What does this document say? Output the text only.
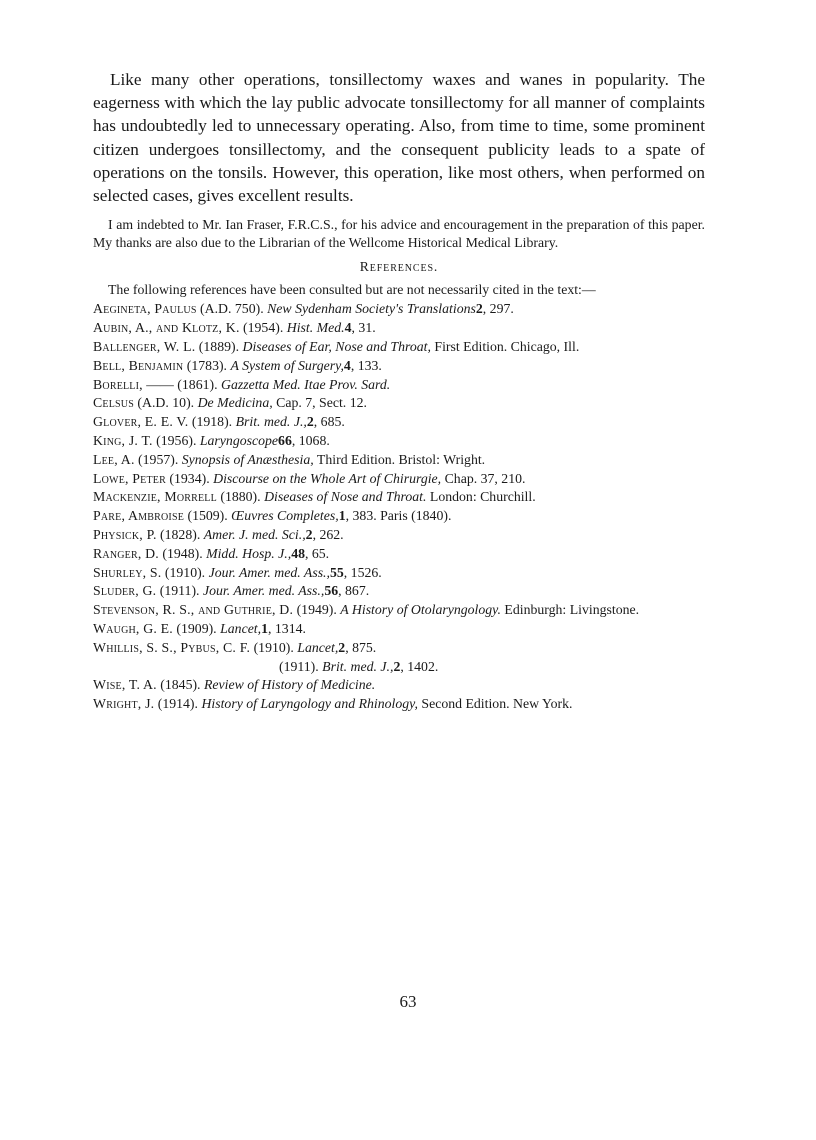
Like many other operations, tonsillectomy waxes and wanes in popularity. The eagerness with which the lay public advocate tonsillectomy for all manner of complaints has undoubtedly led to unnecessary operating. Also, from time to time, some prominent citizen undergoes tonsillectomy, and the consequent publicity leads to a spate of operations on the tonsils. However, this operation, like most others, when performed on selected cases, gives excellent results.

I am indebted to Mr. Ian Fraser, F.R.C.S., for his advice and encouragement in the preparation of this paper. My thanks are also due to the Librarian of the Wellcome Historical Medical Library.

References.

The following references have been consulted but are not necessarily cited in the text:—

Aegineta, Paulus (A.D. 750). New Sydenham Society's Translations2, 297.
Aubin, A., and Klotz, K. (1954). Hist. Med.4, 31.
Ballenger, W. L. (1889). Diseases of Ear, Nose and Throat, First Edition. Chicago, Ill.
Bell, Benjamin (1783). A System of Surgery,4, 133.
Borelli, —— (1861). Gazzetta Med. Itae Prov. Sard.
Celsus (A.D. 10). De Medicina, Cap. 7, Sect. 12.
Glover, E. E. V. (1918). Brit. med. J.,2, 685.
King, J. T. (1956). Laryngoscope66, 1068.
Lee, A. (1957). Synopsis of Anæsthesia, Third Edition. Bristol: Wright.
Lowe, Peter (1934). Discourse on the Whole Art of Chirurgie, Chap. 37, 210.
Mackenzie, Morrell (1880). Diseases of Nose and Throat. London: Churchill.
Pare, Ambroise (1509). Œuvres Completes,1, 383. Paris (1840).
Physick, P. (1828). Amer. J. med. Sci.,2, 262.
Ranger, D. (1948). Midd. Hosp. J.,48, 65.
Shurley, S. (1910). Jour. Amer. med. Ass.,55, 1526.
Sluder, G. (1911). Jour. Amer. med. Ass.,56, 867.
Stevenson, R. S., and Guthrie, D. (1949). A History of Otolaryngology. Edinburgh: Livingstone.
Waugh, G. E. (1909). Lancet,1, 1314.
Whillis, S. S., Pybus, C. F. (1910). Lancet,2, 875.
(1911). Brit. med. J.,2, 1402.
Wise, T. A. (1845). Review of History of Medicine.
Wright, J. (1914). History of Laryngology and Rhinology, Second Edition. New York.
63
